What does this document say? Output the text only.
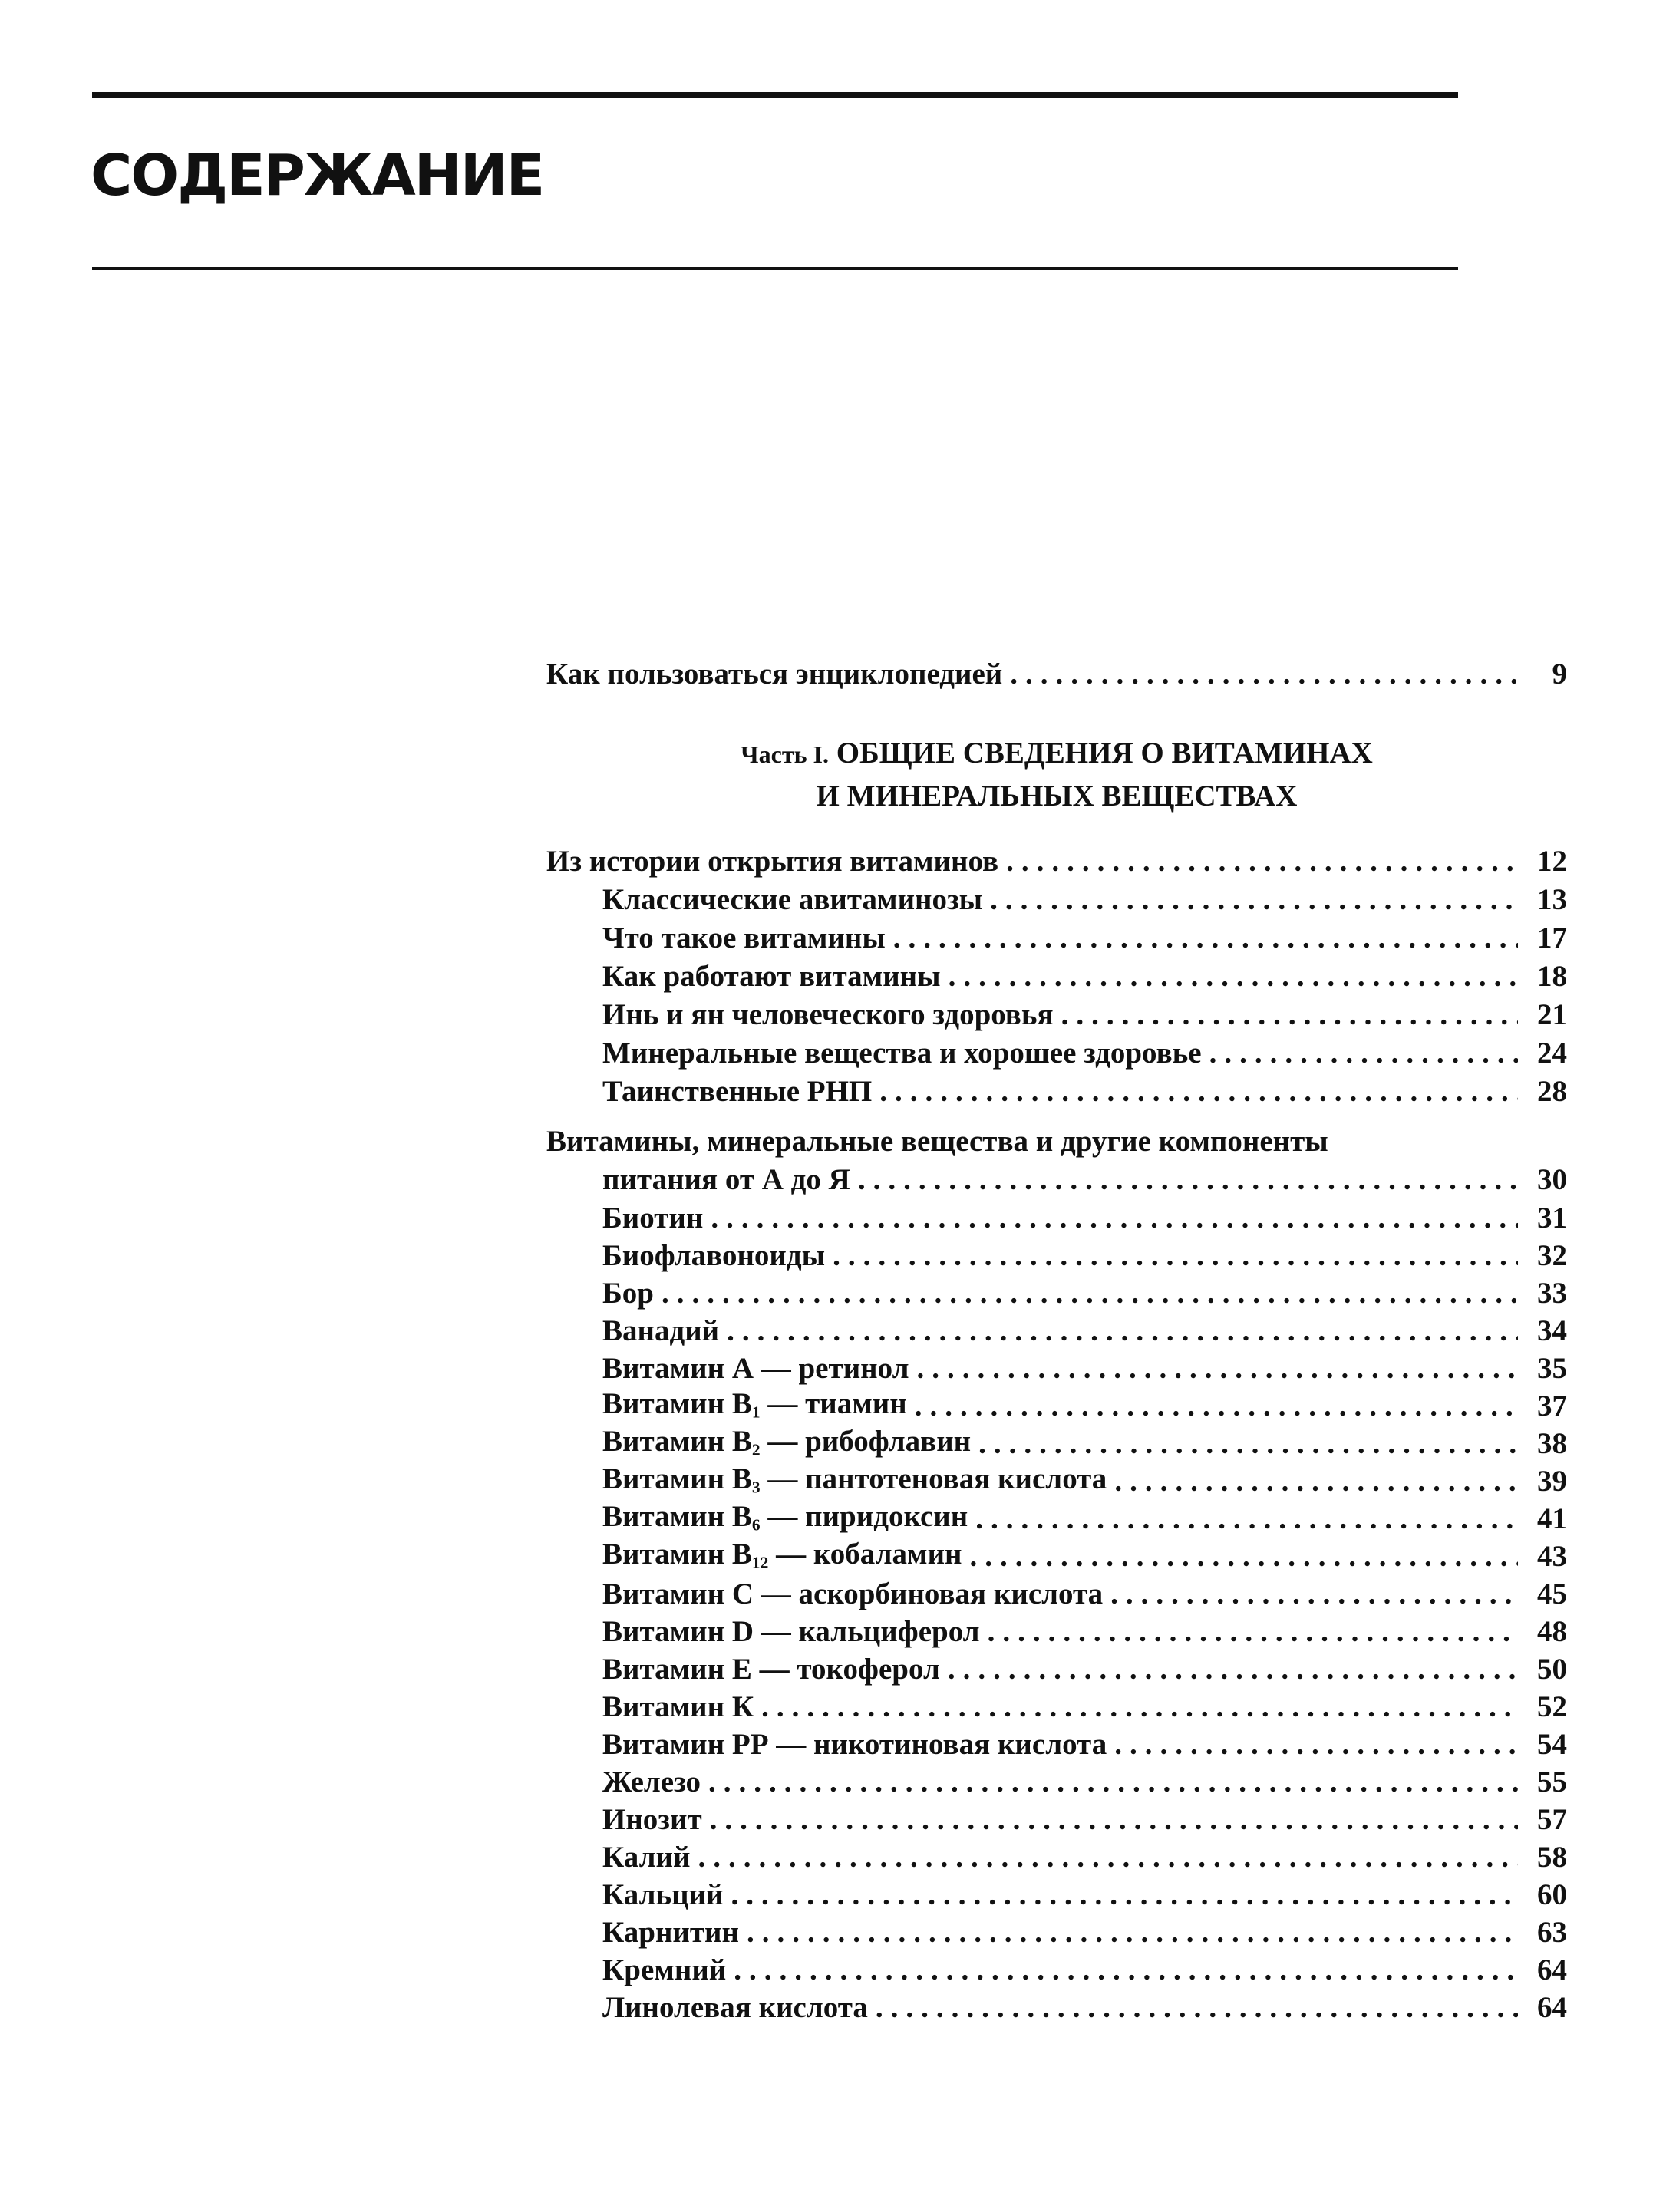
СОДЕРЖАНИЕ
Как пользоваться энциклопедией .....	9
Часть I. ОБЩИЕ СВЕДЕНИЯ О ВИТАМИНАХ
И МИНЕРАЛЬНЫХ ВЕЩЕСТВАХ
Из истории открытия витаминов .....	12
Классические авитаминозы .....	13
Что такое витамины .....	17
Как работают витамины .....	18
Инь и ян человеческого здоровья .....	21
Минеральные вещества и хорошее здоровье .....	24
Таинственные РНП .....	28
Витамины, минеральные вещества и другие компоненты
питания от А до Я .....	30
Биотин .....	31
Биофлавоноиды .....	32
Бор .....	33
Ванадий .....	34
Витамин А — ретинол .....	35
Витамин $B_1$ — тиамин .....	37
Витамин $B_2$ — рибофлавин .....	38
Витамин $B_3$ — пантотеновая кислота .....	39
Витамин $B_6$ — пиридоксин .....	41
Витамин $B_{12}$ — кобаламин .....	43
Витамин С — аскорбиновая кислота .....	45
Витамин D — кальциферол .....	48
Витамин Е — токоферол .....	50
Витамин К .....	52
Витамин РР — никотиновая кислота .....	54
Железо .....	55
Инозит .....	57
Калий .....	58
Кальций .....	60
Карнитин .....	63
Кремний .....	64
Линолевая кислота .....	64
